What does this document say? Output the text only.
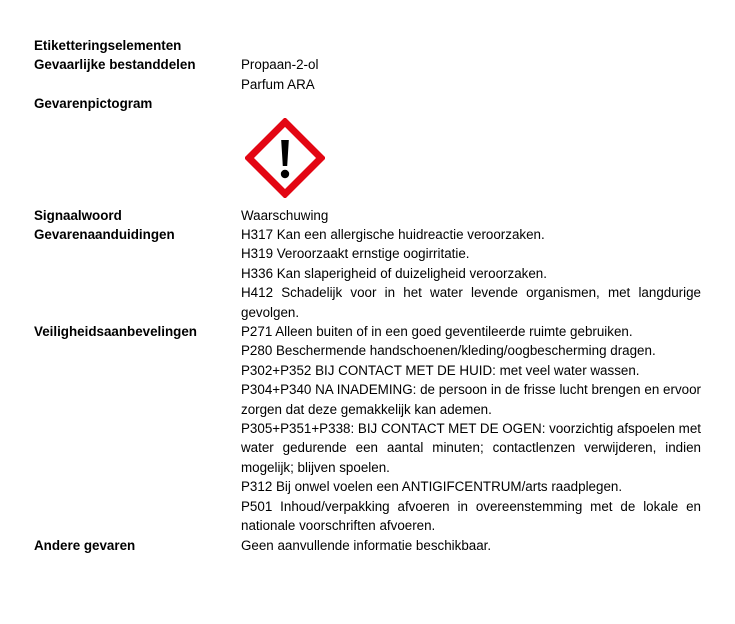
Etiketteringselementen
Gevaarlijke bestanddelen	Propaan-2-ol
Parfum ARA
Gevarenpictogram
Signaalwoord	Waarschuwing
Gevarenaanduidingen	H317 Kan een allergische huidreactie veroorzaken.
H319 Veroorzaakt ernstige oogirritatie.
H336 Kan slaperigheid of duizeligheid veroorzaken.
H412 Schadelijk voor in het water levende organismen, met langdurige gevolgen.
Veiligheidsaanbevelingen	P271 Alleen buiten of in een goed geventileerde ruimte gebruiken.
P280 Beschermende handschoenen/kleding/oogbescherming dragen.
P302+P352 BIJ CONTACT MET DE HUID: met veel water wassen.
P304+P340 NA INADEMING: de persoon in de frisse lucht brengen en ervoor zorgen dat deze gemakkelijk kan ademen.
P305+P351+P338: BIJ CONTACT MET DE OGEN: voorzichtig afspoelen met water gedurende een aantal minuten; contactlenzen verwijderen, indien mogelijk; blijven spoelen.
P312 Bij onwel voelen een ANTIGIFCENTRUM/arts raadplegen.
P501 Inhoud/verpakking afvoeren in overeenstemming met de lokale en nationale voorschriften afvoeren.
Andere gevaren	Geen aanvullende informatie beschikbaar.
